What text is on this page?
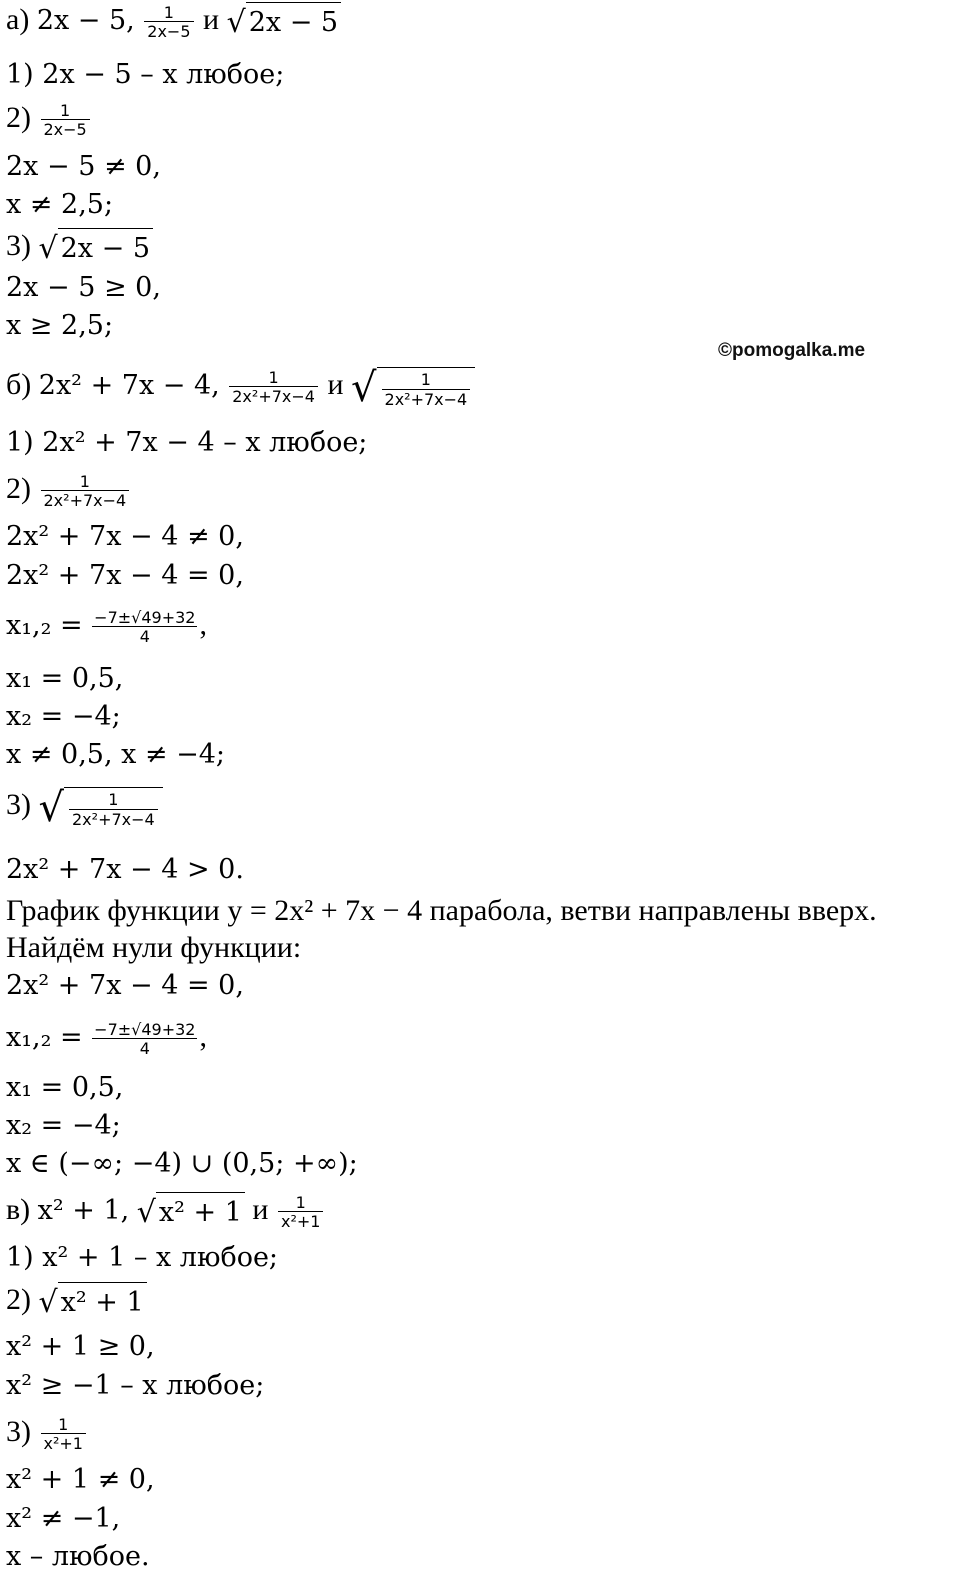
а) 2x − 5, $\frac{1}{2x-5}$ и √ 2x − 5
1) 2x − 5 – x любое;
$2) \frac{1}{2x-5}$
2x − 5 ≠ 0,
x ≠ 2,5;
3) √ 2x − 5
2x − 5 ≥ 0,
x ≥ 2,5;
б) 2x² + 7x − 4, $\frac{1}{\text{2x²+7x−4}}$ и √ $\frac{1}{\text{2x²+7x−4}}$
1) 2x² + 7x − 4 – x любое;
$2) \frac{1}{\text{2x²+7x−4}}$
2x² + 7x − 4 ≠ 0,
2x² + 7x − 4 = 0,
$x_1,_2 = \frac{-7\pm√49+32}{4}$ ,
x₁ = 0,5,
x₂ = −4;
x ≠ 0,5, x ≠ −4;
3) √ $\frac{1}{\text{2x²+7x−4}}$
2x² + 7x − 4 > 0.
График функции y = 2x² + 7x − 4 парабола, ветви направлены вверх.
Найдём нули функции:
2x² + 7x − 4 = 0,
$x_1,_2 = \frac{-7\pm√49+32}{4}$ ,
x₁ = 0,5,
x₂ = −4;
x ∈ (−∞; −4) ∪ (0,5; +∞);
в) x² + 1, √ x² + 1 и $\frac{1}{\text{x²+1}}$
1) x² + 1 – x любое;
2) √ x² + 1
x² + 1 ≥ 0,
x² ≥ −1 – x любое;
$3) \frac{1}{\text{x²+1}}$
x² + 1 ≠ 0,
x² ≠ −1,
x – любое.
©pomogalka.me
